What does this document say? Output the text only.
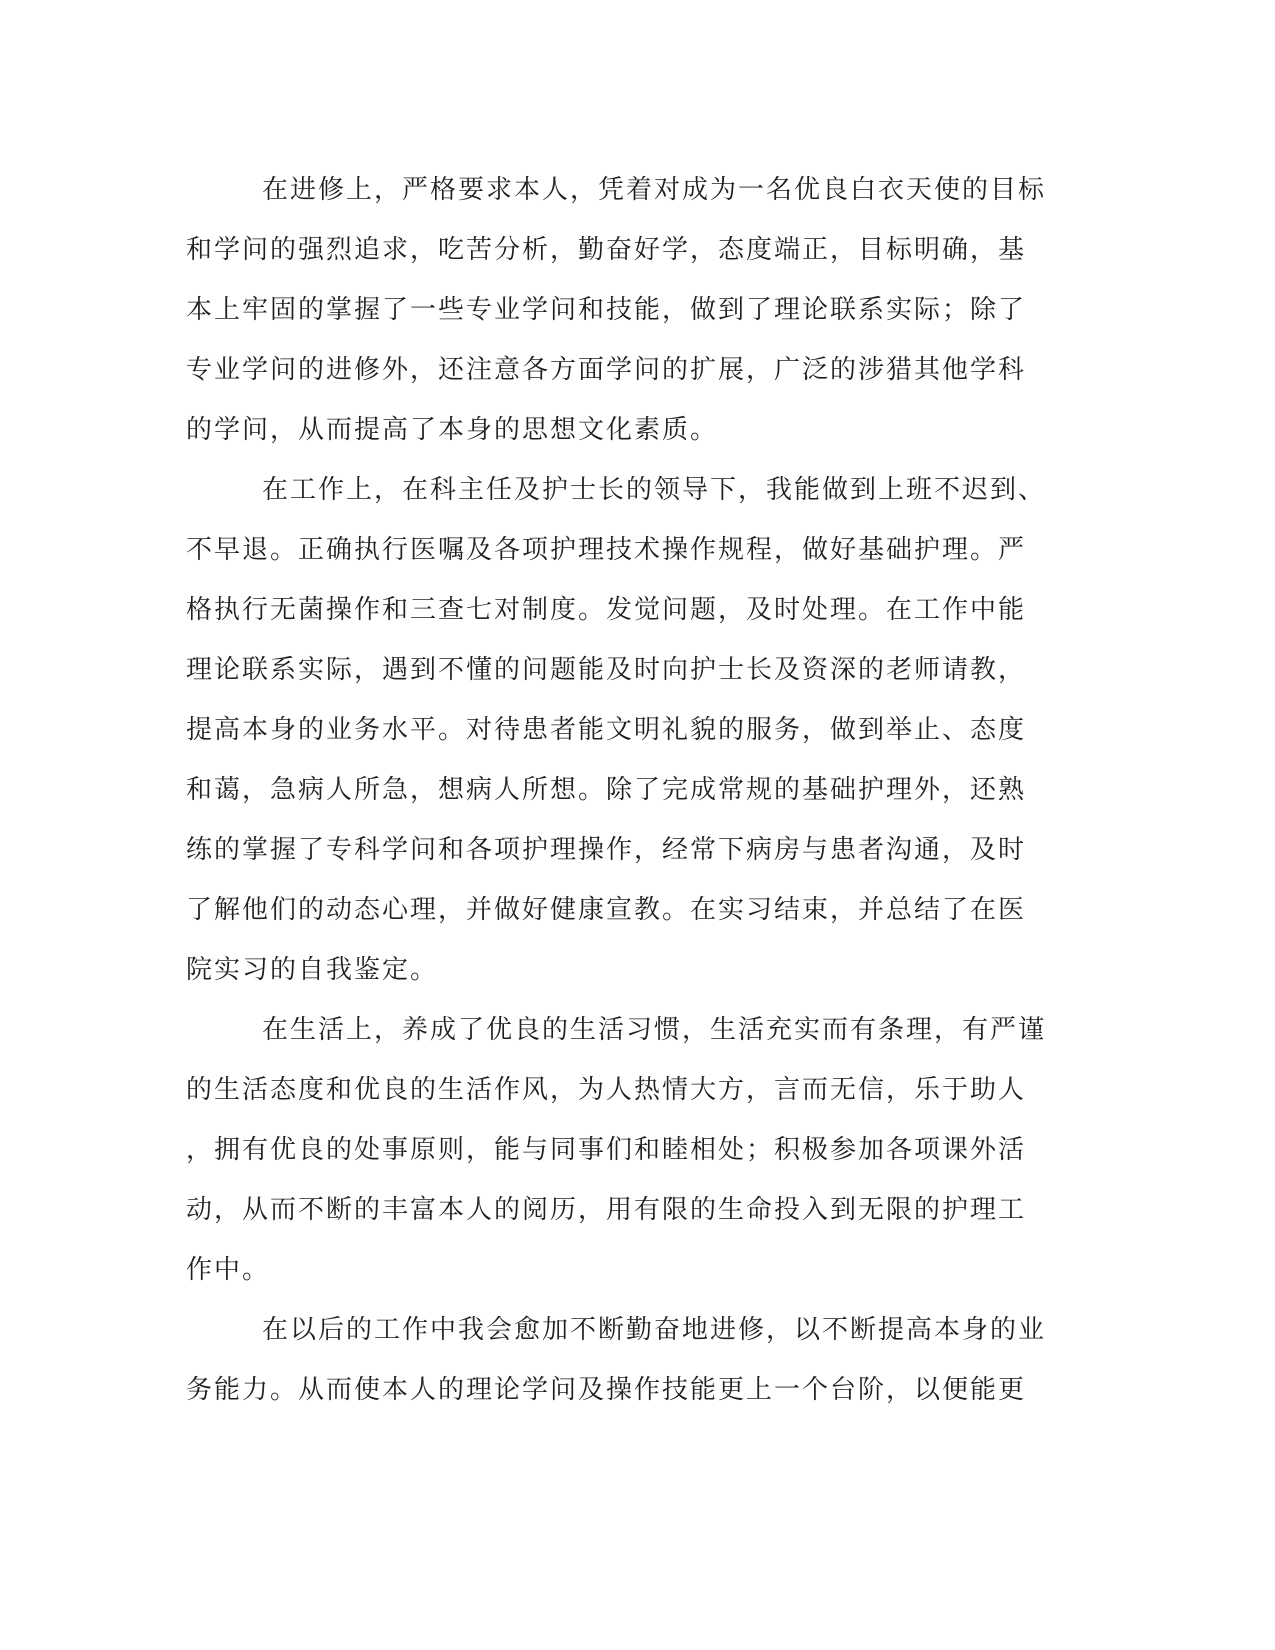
在进修上，严格要求本人，凭着对成为一名优良白衣天使的目标
和学问的强烈追求，吃苦分析，勤奋好学，态度端正，目标明确，基
本上牢固的掌握了一些专业学问和技能，做到了理论联系实际；除了
专业学问的进修外，还注意各方面学问的扩展，广泛的涉猎其他学科
的学问，从而提高了本身的思想文化素质。
在工作上，在科主任及护士长的领导下，我能做到上班不迟到、
不早退。正确执行医嘱及各项护理技术操作规程，做好基础护理。严
格执行无菌操作和三查七对制度。发觉问题，及时处理。在工作中能
理论联系实际，遇到不懂的问题能及时向护士长及资深的老师请教，
提高本身的业务水平。对待患者能文明礼貌的服务，做到举止、态度
和蔼，急病人所急，想病人所想。除了完成常规的基础护理外，还熟
练的掌握了专科学问和各项护理操作，经常下病房与患者沟通，及时
了解他们的动态心理，并做好健康宣教。在实习结束，并总结了在医
院实习的自我鉴定。
在生活上，养成了优良的生活习惯，生活充实而有条理，有严谨
的生活态度和优良的生活作风，为人热情大方，言而无信，乐于助人
，拥有优良的处事原则，能与同事们和睦相处；积极参加各项课外活
动，从而不断的丰富本人的阅历，用有限的生命投入到无限的护理工
作中。
在以后的工作中我会愈加不断勤奋地进修，以不断提高本身的业
务能力。从而使本人的理论学问及操作技能更上一个台阶，以便能更
